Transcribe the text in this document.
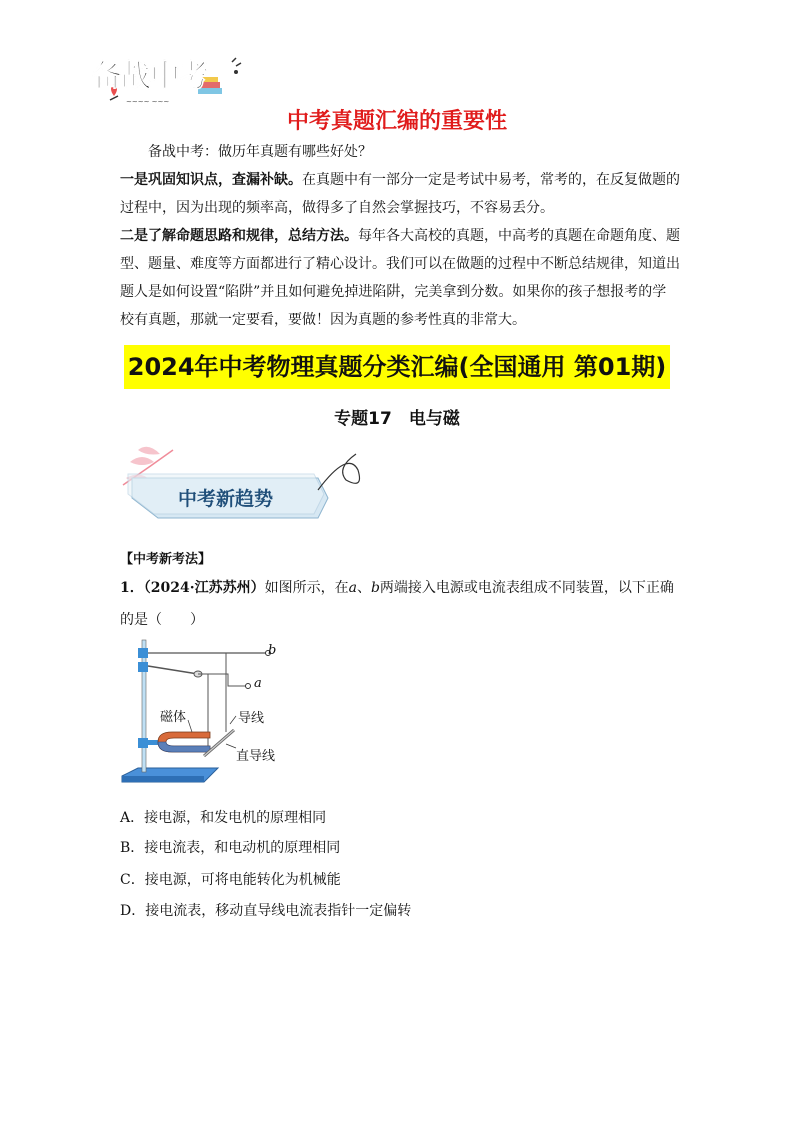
备战中考
~~~~ ~~~
中考真题汇编的重要性
备战中考：做历年真题有哪些好处？
一是巩固知识点，查漏补缺。在真题中有一部分一定是考试中易考，常考的，在反复做题的过程中，因为出现的频率高，做得多了自然会掌握技巧，不容易丢分。
二是了解命题思路和规律，总结方法。每年各大高校的真题，中高考的真题在命题角度、题型、题量、难度等方面都进行了精心设计。我们可以在做题的过程中不断总结规律，知道出题人是如何设置“陷阱”并且如何避免掉进陷阱，完美拿到分数。如果你的孩子想报考的学校有真题，那就一定要看，要做！因为真题的参考性真的非常大。
2024年中考物理真题分类汇编(全国通用 第01期)
专题17　电与磁
中考新趋势
【中考新考法】
1．（2024·江苏苏州）如图所示，在a、b两端接入电源或电流表组成不同装置，以下正确的是（　　）
b
a
磁体	导线
直导线
A．接电源，和发电机的原理相同
B．接电流表，和电动机的原理相同
C．接电源，可将电能转化为机械能
D．接电流表，移动直导线电流表指针一定偏转
